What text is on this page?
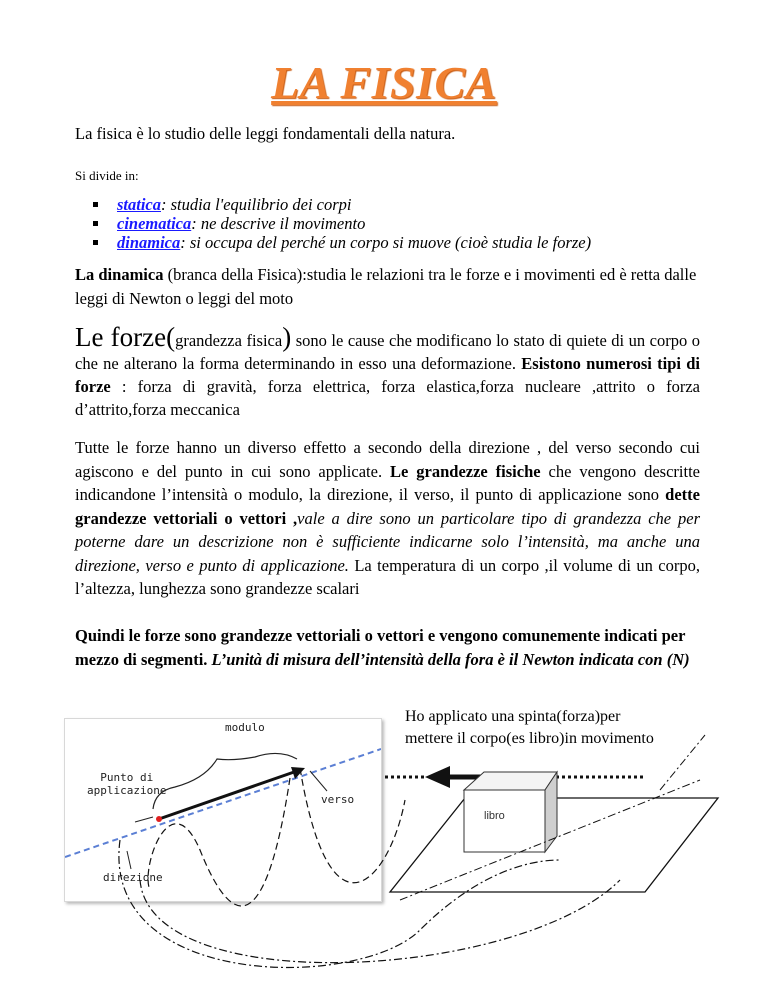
LA FISICA
La fisica è lo studio delle leggi fondamentali della natura.
Si divide in:
statica: studia l'equilibrio dei corpi
cinematica: ne descrive il movimento
dinamica: si occupa del perché un corpo si muove (cioè studia le forze)
La dinamica (branca della Fisica):studia le relazioni tra le forze e i movimenti ed è retta dalle leggi di Newton o leggi del moto
Le forze(grandezza fisica) sono le cause che modificano lo stato di quiete di un corpo o che ne alterano la forma determinando in esso una deformazione. Esistono numerosi tipi di forze : forza di gravità, forza elettrica, forza elastica,forza nucleare ,attrito o forza d’attrito,forza meccanica
Tutte le forze hanno un diverso effetto a secondo della direzione , del verso secondo cui agiscono e del punto in cui sono applicate. Le grandezze fisiche che vengono descritte indicandone l’intensità o modulo, la direzione, il verso, il punto di applicazione sono dette grandezze vettoriali o vettori ,vale a dire sono un particolare tipo di grandezza che per poterne dare un descrizione non è sufficiente indicarne solo l’intensità, ma anche una direzione, verso e punto di applicazione. La temperatura di un corpo ,il volume di un corpo, l’altezza, lunghezza sono grandezze scalari
Quindi le forze sono grandezze vettoriali o vettori e vengono comunemente indicati per mezzo di segmenti. L’unità di misura dell’intensità della fora è il Newton indicata con (N)
modulo
Punto di
applicazione
verso
direzione
Ho applicato una spinta(forza)per
mettere il corpo(es libro)in movimento
libro
